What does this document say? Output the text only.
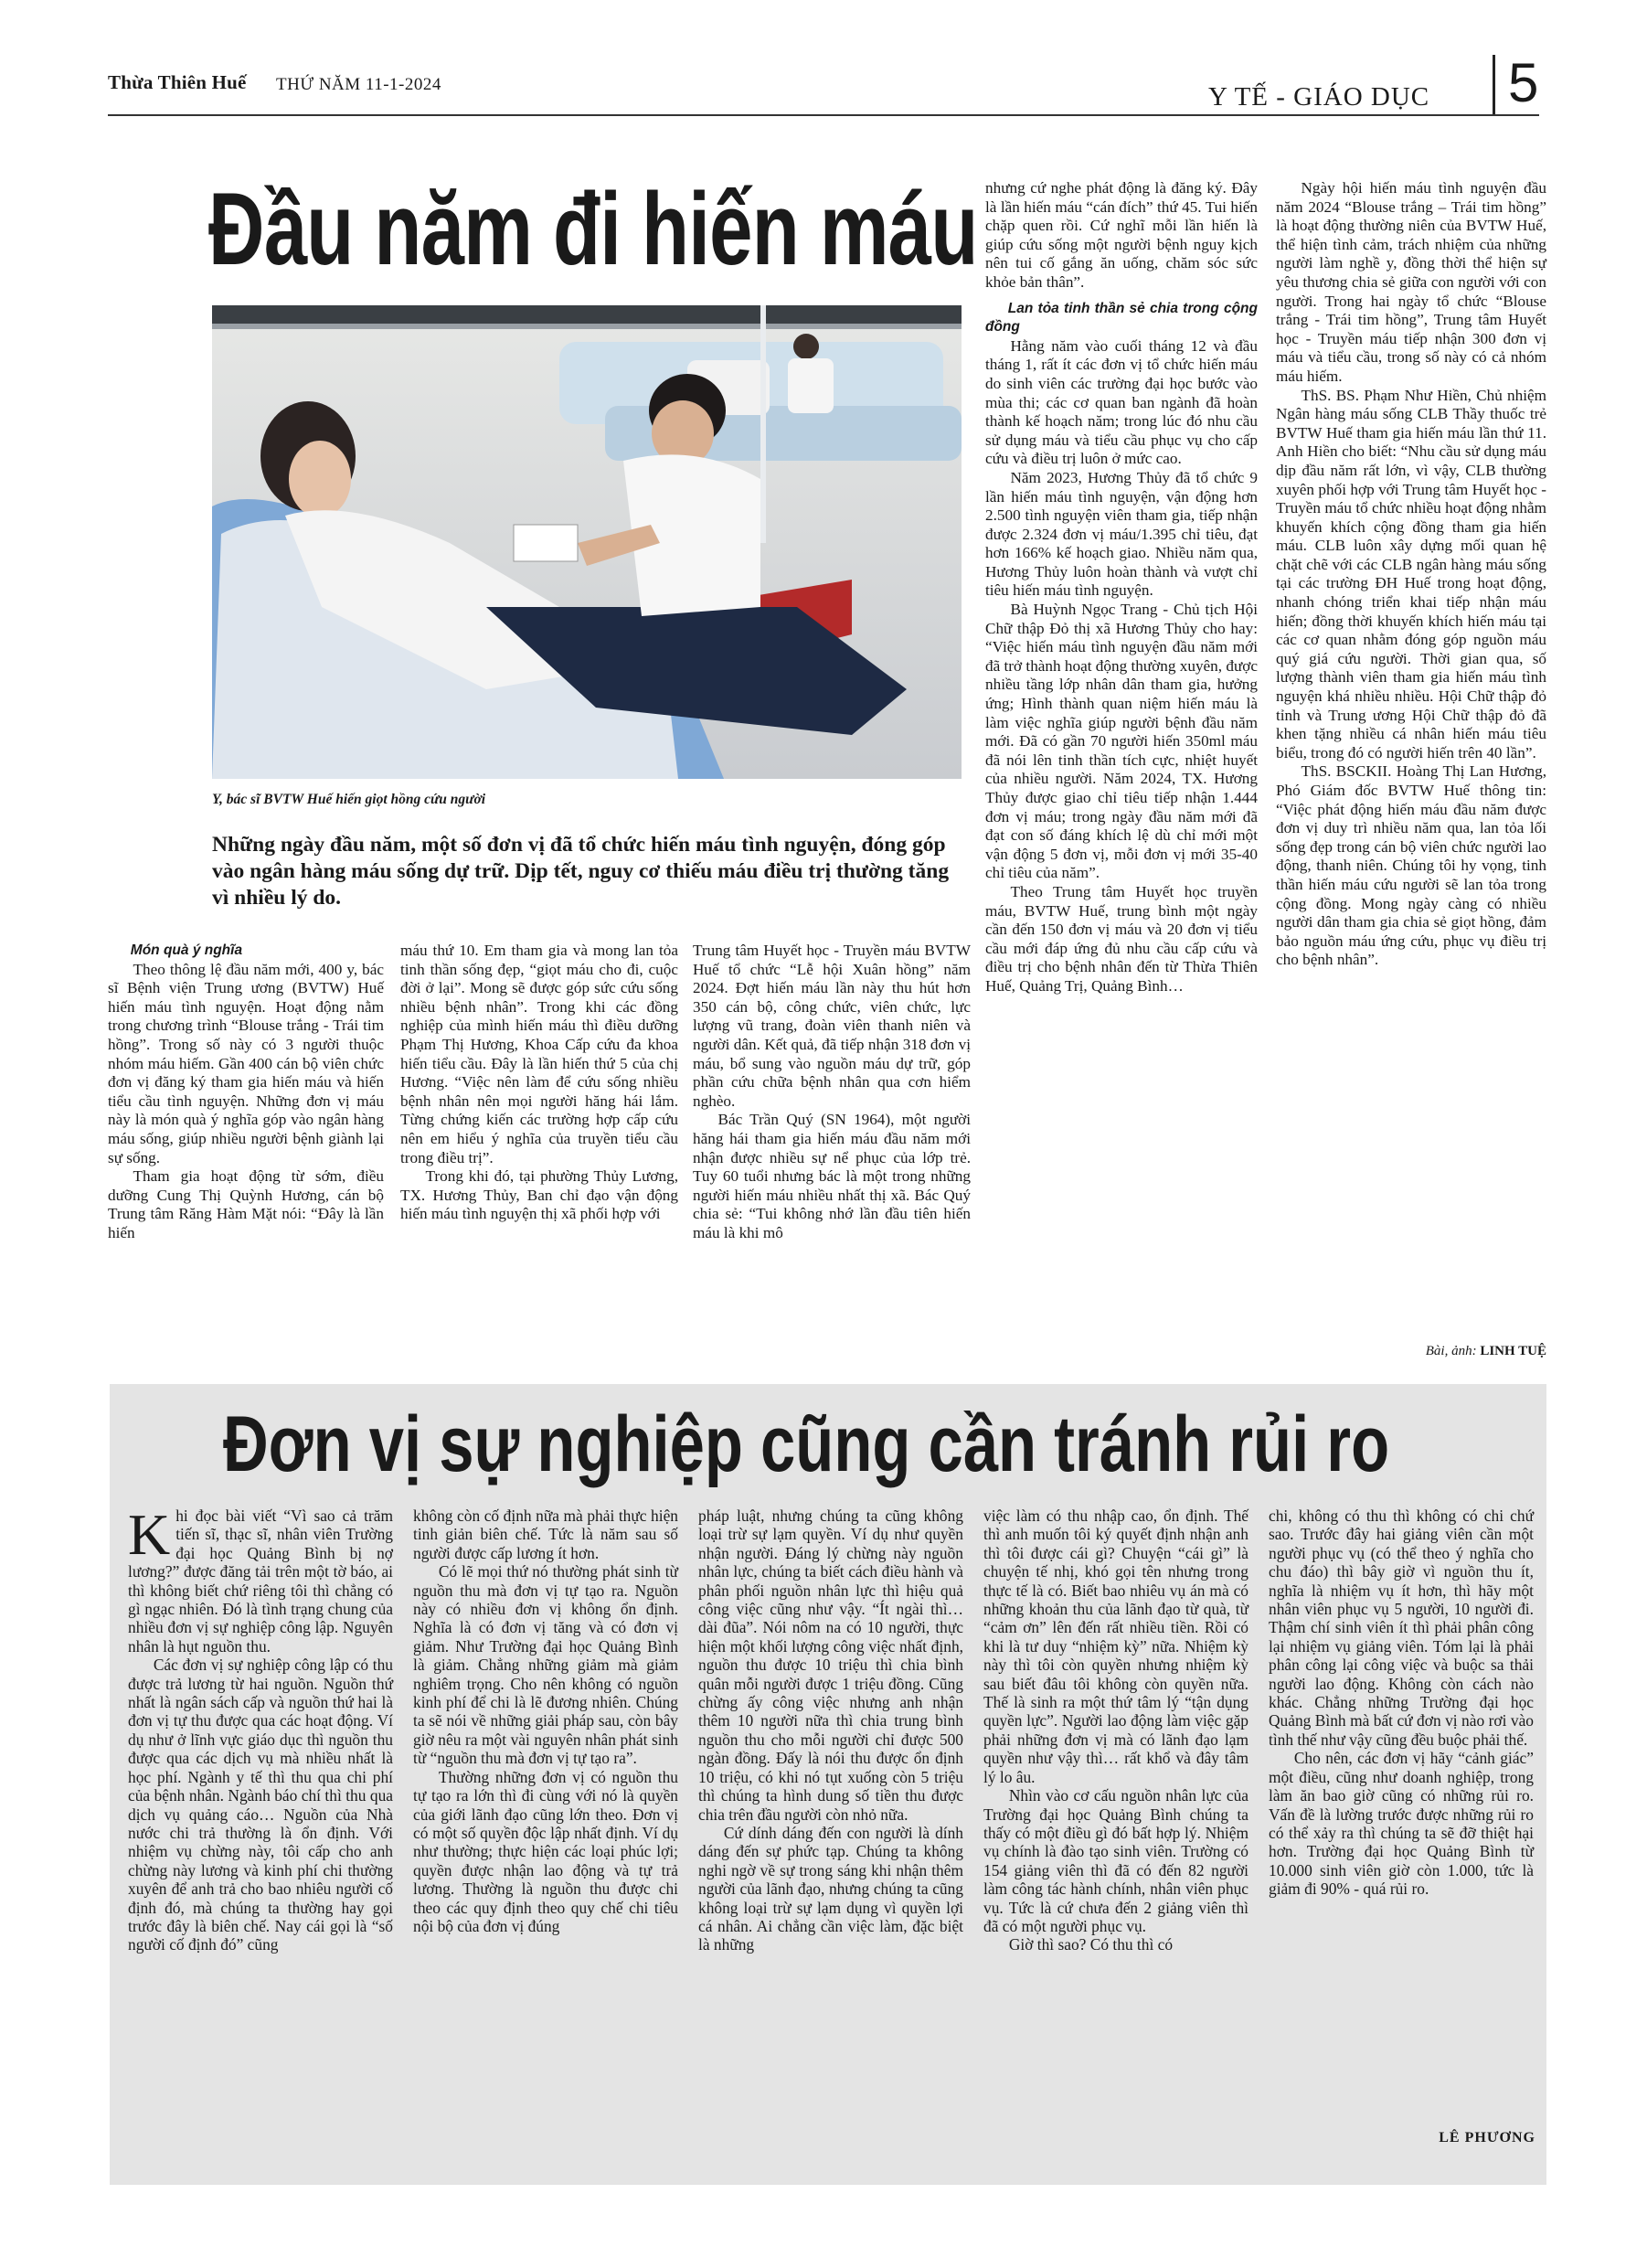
Thừa Thiên Huế THỨ NĂM 11-1-2024	Y TẾ - GIÁO DỤC 5
Đầu năm đi hiến máu
Y, bác sĩ BVTW Huế hiến giọt hồng cứu người
Những ngày đầu năm, một số đơn vị đã tổ chức hiến máu tình nguyện, đóng góp vào ngân hàng máu sống dự trữ. Dịp tết, nguy cơ thiếu máu điều trị thường tăng vì nhiều lý do.

Món quà ý nghĩa

Theo thông lệ đầu năm mới, 400 y, bác sĩ Bệnh viện Trung ương (BVTW) Huế hiến máu tình nguyện. Hoạt động nằm trong chương trình “Blouse trắng - Trái tim hồng”. Trong số này có 3 người thuộc nhóm máu hiếm. Gần 400 cán bộ viên chức đơn vị đăng ký tham gia hiến máu và hiến tiểu cầu tình nguyện. Những đơn vị máu này là món quà ý nghĩa góp vào ngân hàng máu sống, giúp nhiều người bệnh giành lại sự sống.

Tham gia hoạt động từ sớm, điều dưỡng Cung Thị Quỳnh Hương, cán bộ Trung tâm Răng Hàm Mặt nói: “Đây là lần hiến

máu thứ 10. Em tham gia và mong lan tỏa tinh thần sống đẹp, “giọt máu cho đi, cuộc đời ở lại”. Mong sẽ được góp sức cứu sống nhiều bệnh nhân”. Trong khi các đồng nghiệp của mình hiến máu thì điều dưỡng Phạm Thị Hương, Khoa Cấp cứu đa khoa hiến tiểu cầu. Đây là lần hiến thứ 5 của chị Hương. “Việc nên làm để cứu sống nhiều bệnh nhân nên mọi người hăng hái lắm. Từng chứng kiến các trường hợp cấp cứu nên em hiểu ý nghĩa của truyền tiểu cầu trong điều trị”.

Trong khi đó, tại phường Thủy Lương, TX. Hương Thủy, Ban chỉ đạo vận động hiến máu tình nguyện thị xã phối hợp với

Trung tâm Huyết học - Truyền máu BVTW Huế tổ chức “Lễ hội Xuân hồng” năm 2024. Đợt hiến máu lần này thu hút hơn 350 cán bộ, công chức, viên chức, lực lượng vũ trang, đoàn viên thanh niên và người dân. Kết quả, đã tiếp nhận 318 đơn vị máu, bổ sung vào nguồn máu dự trữ, góp phần cứu chữa bệnh nhân qua cơn hiểm nghèo.

Bác Trần Quý (SN 1964), một người hăng hái tham gia hiến máu đầu năm mới nhận được nhiều sự nể phục của lớp trẻ. Tuy 60 tuổi nhưng bác là một trong những người hiến máu nhiều nhất thị xã. Bác Quý chia sẻ: “Tui không nhớ lần đầu tiên hiến máu là khi mô

nhưng cứ nghe phát động là đăng ký. Đây là lần hiến máu “cán đích” thứ 45. Tui hiến chặp quen rồi. Cứ nghĩ mỗi lần hiến là giúp cứu sống một người bệnh nguy kịch nên tui cố gắng ăn uống, chăm sóc sức khỏe bản thân”.

Lan tỏa tinh thần sẻ chia trong cộng đồng

Hằng năm vào cuối tháng 12 và đầu tháng 1, rất ít các đơn vị tổ chức hiến máu do sinh viên các trường đại học bước vào mùa thi; các cơ quan ban ngành đã hoàn thành kế hoạch năm; trong lúc đó nhu cầu sử dụng máu và tiểu cầu phục vụ cho cấp cứu và điều trị luôn ở mức cao.

Năm 2023, Hương Thủy đã tổ chức 9 lần hiến máu tình nguyện, vận động hơn 2.500 tình nguyện viên tham gia, tiếp nhận được 2.324 đơn vị máu/1.395 chỉ tiêu, đạt hơn 166% kế hoạch giao. Nhiều năm qua, Hương Thủy luôn hoàn thành và vượt chỉ tiêu hiến máu tình nguyện.

Bà Huỳnh Ngọc Trang - Chủ tịch Hội Chữ thập Đỏ thị xã Hương Thủy cho hay: “Việc hiến máu tình nguyện đầu năm mới đã trở thành hoạt động thường xuyên, được nhiều tầng lớp nhân dân tham gia, hưởng ứng; Hình thành quan niệm hiến máu là làm việc nghĩa giúp người bệnh đầu năm mới. Đã có gần 70 người hiến 350ml máu đã nói lên tinh thần tích cực, nhiệt huyết của nhiều người. Năm 2024, TX. Hương Thủy được giao chỉ tiêu tiếp nhận 1.444 đơn vị máu; trong ngày đầu năm mới đã đạt con số đáng khích lệ dù chỉ mới một vận động 5 đơn vị, mỗi đơn vị mới 35-40 chỉ tiêu của năm”.

Theo Trung tâm Huyết học truyền máu, BVTW Huế, trung bình một ngày cần đến 150 đơn vị máu và 20 đơn vị tiểu cầu mới đáp ứng đủ nhu cầu cấp cứu và điều trị cho bệnh nhân đến từ Thừa Thiên Huế, Quảng Trị, Quảng Bình…

Ngày hội hiến máu tình nguyện đầu năm 2024 “Blouse trắng – Trái tim hồng” là hoạt động thường niên của BVTW Huế, thể hiện tình cảm, trách nhiệm của những người làm nghề y, đồng thời thể hiện sự yêu thương chia sẻ giữa con người với con người. Trong hai ngày tổ chức “Blouse trắng - Trái tim hồng”, Trung tâm Huyết học - Truyền máu tiếp nhận 300 đơn vị máu và tiểu cầu, trong số này có cả nhóm máu hiếm.

ThS. BS. Phạm Như Hiền, Chủ nhiệm Ngân hàng máu sống CLB Thầy thuốc trẻ BVTW Huế tham gia hiến máu lần thứ 11. Anh Hiền cho biết: “Nhu cầu sử dụng máu dịp đầu năm rất lớn, vì vậy, CLB thường xuyên phối hợp với Trung tâm Huyết học - Truyền máu tổ chức nhiều hoạt động nhằm khuyến khích cộng đồng tham gia hiến máu. CLB luôn xây dựng mối quan hệ chặt chẽ với các CLB ngân hàng máu sống tại các trường ĐH Huế trong hoạt động, nhanh chóng triển khai tiếp nhận máu hiến; đồng thời khuyến khích hiến máu tại các cơ quan nhằm đóng góp nguồn máu quý giá cứu người. Thời gian qua, số lượng thành viên tham gia hiến máu tình nguyện khá nhiều nhiều. Hội Chữ thập đỏ tỉnh và Trung ương Hội Chữ thập đỏ đã khen tặng nhiều cá nhân hiến máu tiêu biểu, trong đó có người hiến trên 40 lần”.

ThS. BSCKII. Hoàng Thị Lan Hương, Phó Giám đốc BVTW Huế thông tin: “Việc phát động hiến máu đầu năm được đơn vị duy trì nhiều năm qua, lan tỏa lối sống đẹp trong cán bộ viên chức người lao động, thanh niên. Chúng tôi hy vọng, tinh thần hiến máu cứu người sẽ lan tỏa trong cộng đồng. Mong ngày càng có nhiều người dân tham gia chia sẻ giọt hồng, đảm bảo nguồn máu ứng cứu, phục vụ điều trị cho bệnh nhân”.

Bài, ảnh: LINH TUỆ
Đơn vị sự nghiệp cũng cần tránh rủi ro

Khi đọc bài viết “Vì sao cả trăm tiến sĩ, thạc sĩ, nhân viên Trường đại học Quảng Bình bị nợ lương?” được đăng tải trên một tờ báo, ai thì không biết chứ riêng tôi thì chẳng có gì ngạc nhiên. Đó là tình trạng chung của nhiều đơn vị sự nghiệp công lập. Nguyên nhân là hụt nguồn thu.

Các đơn vị sự nghiệp công lập có thu được trả lương từ hai nguồn. Nguồn thứ nhất là ngân sách cấp và nguồn thứ hai là đơn vị tự thu được qua các hoạt động. Ví dụ như ở lĩnh vực giáo dục thì nguồn thu được qua các dịch vụ mà nhiều nhất là học phí. Ngành y tế thì thu qua chi phí của bệnh nhân. Ngành báo chí thì thu qua dịch vụ quảng cáo… Nguồn của Nhà nước chi trả thường là ổn định. Với nhiệm vụ chừng này, tôi cấp cho anh chừng này lương và kinh phí chi thường xuyên để anh trả cho bao nhiêu người cố định đó, mà chúng ta thường hay gọi trước đây là biên chế. Nay cái gọi là “số người cố định đó” cũng

không còn cố định nữa mà phải thực hiện tinh giản biên chế. Tức là năm sau số người được cấp lương ít hơn.

Có lẽ mọi thứ nó thường phát sinh từ nguồn thu mà đơn vị tự tạo ra. Nguồn này có nhiều đơn vị không ổn định. Nghĩa là có đơn vị tăng và có đơn vị giảm. Như Trường đại học Quảng Bình là giảm. Chẳng những giảm mà giảm nghiêm trọng. Cho nên không có nguồn kinh phí để chi là lẽ đương nhiên. Chúng ta sẽ nói về những giải pháp sau, còn bây giờ nêu ra một vài nguyên nhân phát sinh từ “nguồn thu mà đơn vị tự tạo ra”.

Thường những đơn vị có nguồn thu tự tạo ra lớn thì đi cùng với nó là quyền của giới lãnh đạo cũng lớn theo. Đơn vị có một số quyền độc lập nhất định. Ví dụ như thường; thực hiện các loại phúc lợi; quyền được nhận lao động và tự trả lương. Thường là nguồn thu được chi theo các quy định theo quy chế chi tiêu nội bộ của đơn vị đúng

pháp luật, nhưng chúng ta cũng không loại trừ sự lạm quyền. Ví dụ như quyền nhận người. Đáng lý chừng này nguồn nhân lực, chúng ta biết cách điều hành và phân phối nguồn nhân lực thì hiệu quả công việc cũng như vậy. “Ít ngài thì… dài đũa”. Nói nôm na có 10 người, thực hiện một khối lượng công việc nhất định, nguồn thu được 10 triệu thì chia bình quân mỗi người được 1 triệu đồng. Cũng chừng ấy công việc nhưng anh nhận thêm 10 người nữa thì chia trung bình nguồn thu cho mỗi người chỉ được 500 ngàn đồng. Đấy là nói thu được ổn định 10 triệu, có khi nó tụt xuống còn 5 triệu thì chúng ta hình dung số tiền thu được chia trên đầu người còn nhỏ nữa.

Cứ dính dáng đến con người là dính dáng đến sự phức tạp. Chúng ta không nghi ngờ về sự trong sáng khi nhận thêm người của lãnh đạo, nhưng chúng ta cũng không loại trừ sự lạm dụng vì quyền lợi cá nhân. Ai chẳng cần việc làm, đặc biệt là những

việc làm có thu nhập cao, ổn định. Thế thì anh muốn tôi ký quyết định nhận anh thì tôi được cái gì? Chuyện “cái gì” là chuyện tế nhị, khó gọi tên nhưng trong thực tế là có. Biết bao nhiêu vụ án mà có những khoản thu của lãnh đạo từ quà, từ “cảm ơn” lên đến rất nhiều tiền. Rồi có khi là tư duy “nhiệm kỳ” nữa. Nhiệm kỳ này thì tôi còn quyền nhưng nhiệm kỳ sau biết đâu tôi không còn quyền nữa. Thế là sinh ra một thứ tâm lý “tận dụng quyền lực”. Người lao động làm việc gặp phải những đơn vị mà có lãnh đạo lạm quyền như vậy thì… rất khổ và đây tâm lý lo âu.

Nhìn vào cơ cấu nguồn nhân lực của Trường đại học Quảng Bình chúng ta thấy có một điều gì đó bất hợp lý. Nhiệm vụ chính là đào tạo sinh viên. Trường có 154 giảng viên thì đã có đến 82 người làm công tác hành chính, nhân viên phục vụ. Tức là cứ chưa đến 2 giảng viên thì đã có một người phục vụ.

Giờ thì sao? Có thu thì có

chi, không có thu thì không có chi chứ sao. Trước đây hai giảng viên cần một người phục vụ (có thể theo ý nghĩa cho chu đáo) thì bây giờ vì nguồn thu ít, nghĩa là nhiệm vụ ít hơn, thì hãy một nhân viên phục vụ 5 người, 10 người đi. Thậm chí sinh viên ít thì phải phân công lại nhiệm vụ giảng viên. Tóm lại là phải phân công lại công việc và buộc sa thải người lao động. Không còn cách nào khác. Chẳng những Trường đại học Quảng Bình mà bất cứ đơn vị nào rơi vào tình thế như vậy cũng đều buộc phải thế.

Cho nên, các đơn vị hãy “cảnh giác” một điều, cũng như doanh nghiệp, trong làm ăn bao giờ cũng có những rủi ro. Vấn đề là lường trước được những rủi ro có thể xảy ra thì chúng ta sẽ đỡ thiệt hại hơn. Trường đại học Quảng Bình từ 10.000 sinh viên giờ còn 1.000, tức là giảm đi 90% - quá rủi ro.

LÊ PHƯƠNG
